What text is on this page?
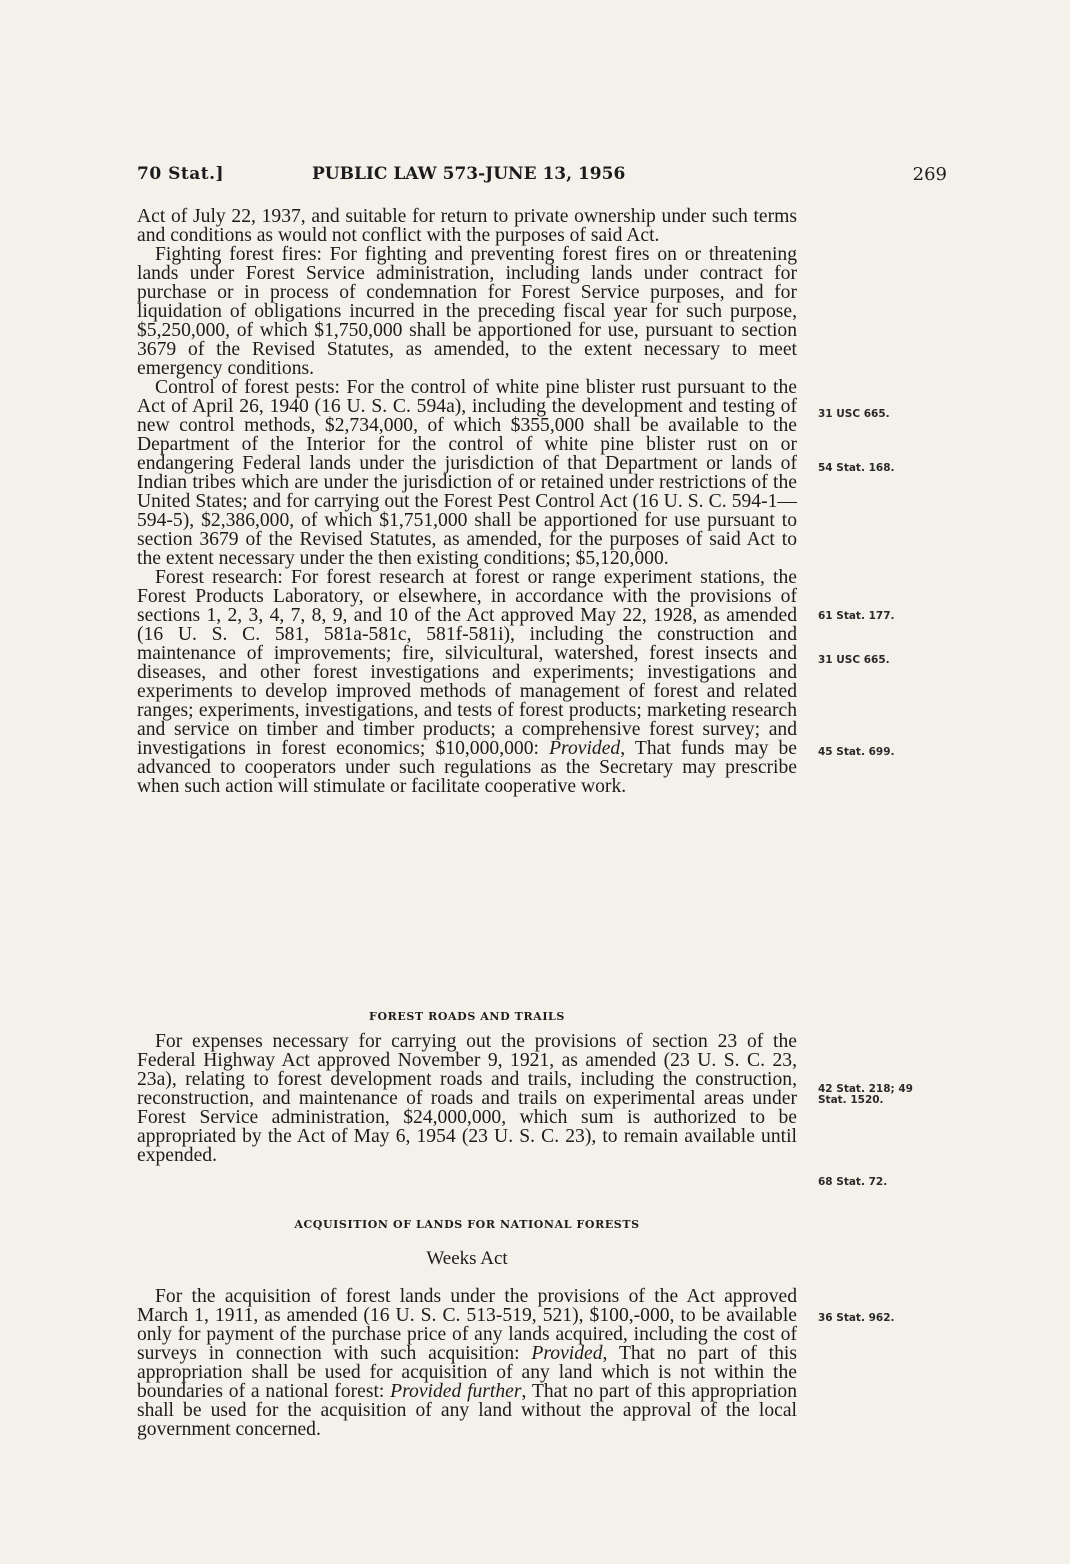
70 Stat.]	PUBLIC LAW 573-JUNE 13, 1956	269

Act of July 22, 1937, and suitable for return to private ownership under such terms and conditions as would not conflict with the purposes of said Act.

Fighting forest fires: For fighting and preventing forest fires on or threatening lands under Forest Service administration, including lands under contract for purchase or in process of condemnation for Forest Service purposes, and for liquidation of obligations incurred in the preceding fiscal year for such purpose, $5,250,000, of which $1,750,000 shall be apportioned for use, pursuant to section 3679 of the Revised Statutes, as amended, to the extent necessary to meet emergency conditions.

Control of forest pests: For the control of white pine blister rust pursuant to the Act of April 26, 1940 (16 U. S. C. 594a), including the development and testing of new control methods, $2,734,000, of which $355,000 shall be available to the Department of the Interior for the control of white pine blister rust on or endangering Federal lands under the jurisdiction of that Department or lands of Indian tribes which are under the jurisdiction of or retained under restrictions of the United States; and for carrying out the Forest Pest Control Act (16 U. S. C. 594-1—594-5), $2,386,000, of which $1,751,000 shall be apportioned for use pursuant to section 3679 of the Revised Statutes, as amended, for the purposes of said Act to the extent necessary under the then existing conditions; $5,120,000.

Forest research: For forest research at forest or range experiment stations, the Forest Products Laboratory, or elsewhere, in accordance with the provisions of sections 1, 2, 3, 4, 7, 8, 9, and 10 of the Act approved May 22, 1928, as amended (16 U. S. C. 581, 581a-581c, 581f-581i), including the construction and maintenance of improvements; fire, silvicultural, watershed, forest insects and diseases, and other forest investigations and experiments; investigations and experiments to develop improved methods of management of forest and related ranges; experiments, investigations, and tests of forest products; marketing research and service on timber and timber products; a comprehensive forest survey; and investigations in forest economics; $10,000,000: Provided, That funds may be advanced to cooperators under such regulations as the Secretary may prescribe when such action will stimulate or facilitate cooperative work.

FOREST ROADS AND TRAILS

For expenses necessary for carrying out the provisions of section 23 of the Federal Highway Act approved November 9, 1921, as amended (23 U. S. C. 23, 23a), relating to forest development roads and trails, including the construction, reconstruction, and maintenance of roads and trails on experimental areas under Forest Service administration, $24,000,000, which sum is authorized to be appropriated by the Act of May 6, 1954 (23 U. S. C. 23), to remain available until expended.

ACQUISITION OF LANDS FOR NATIONAL FORESTS
Weeks Act

For the acquisition of forest lands under the provisions of the Act approved March 1, 1911, as amended (16 U. S. C. 513-519, 521), $100,-000, to be available only for payment of the purchase price of any lands acquired, including the cost of surveys in connection with such acquisition: Provided, That no part of this appropriation shall be used for acquisition of any land which is not within the boundaries of a national forest: Provided further, That no part of this appropriation shall be used for the acquisition of any land without the approval of the local government concerned.

31 USC 665.
54 Stat. 168.
61 Stat. 177.
31 USC 665.
45 Stat. 699.
42 Stat. 218; 49 Stat. 1520.
68 Stat. 72.
36 Stat. 962.
